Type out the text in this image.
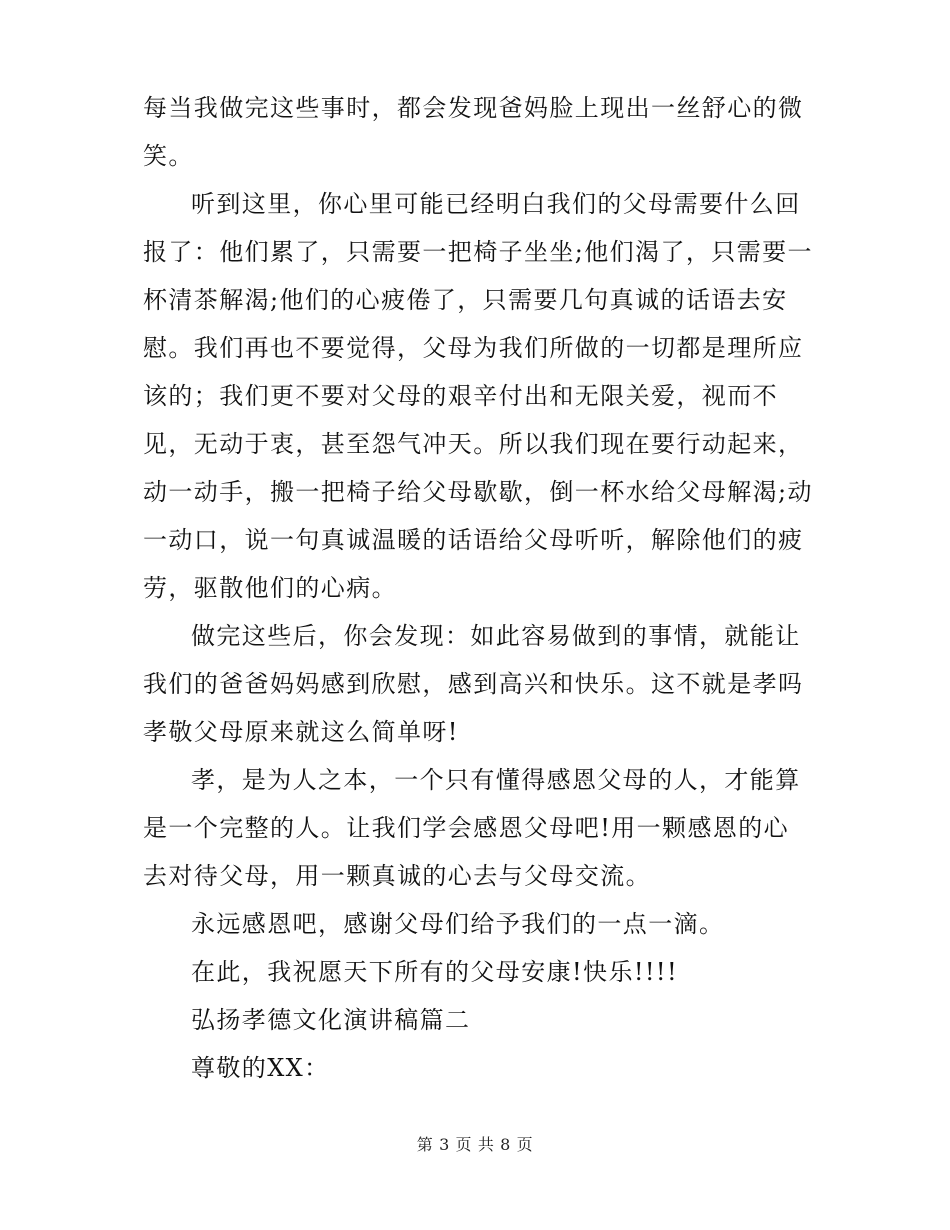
每当我做完这些事时，都会发现爸妈脸上现出一丝舒心的微笑。

听到这里，你心里可能已经明白我们的父母需要什么回报了：他们累了，只需要一把椅子坐坐;他们渴了，只需要一杯清茶解渴;他们的心疲倦了，只需要几句真诚的话语去安慰。我们再也不要觉得，父母为我们所做的一切都是理所应该的；我们更不要对父母的艰辛付出和无限关爱，视而不见，无动于衷，甚至怨气冲天。所以我们现在要行动起来，动一动手，搬一把椅子给父母歇歇，倒一杯水给父母解渴;动一动口，说一句真诚温暖的话语给父母听听，解除他们的疲劳，驱散他们的心病。

做完这些后，你会发现：如此容易做到的事情，就能让我们的爸爸妈妈感到欣慰，感到高兴和快乐。这不就是孝吗孝敬父母原来就这么简单呀!

孝，是为人之本，一个只有懂得感恩父母的人，才能算是一个完整的人。让我们学会感恩父母吧!用一颗感恩的心去对待父母，用一颗真诚的心去与父母交流。

永远感恩吧，感谢父母们给予我们的一点一滴。

在此，我祝愿天下所有的父母安康!快乐!!!!

弘扬孝德文化演讲稿篇二

尊敬的XX：

第 3 页 共 8 页
